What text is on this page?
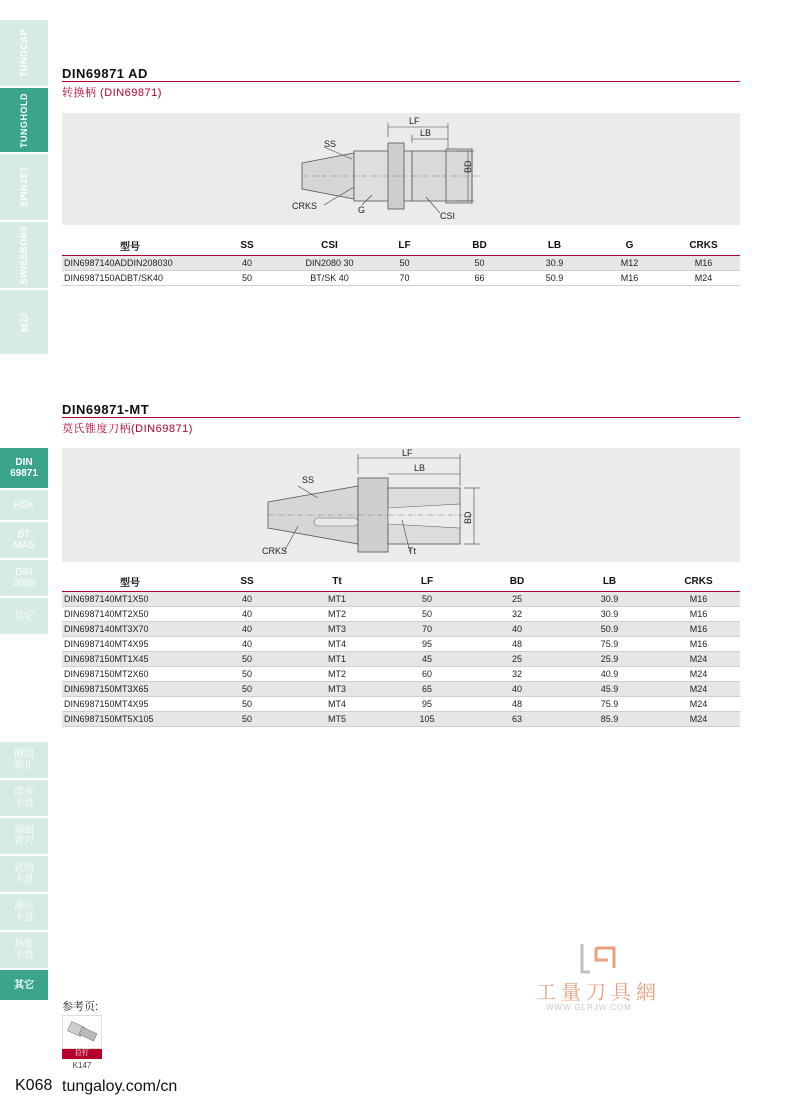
TUNGCAP
TUNGHOLD
SPINJET
SWISSBORE
其它
DIN
69871
HSK
BT
MAS
DIN
2080
其它
侧固
锁止
筒夹
卡盘
端面
铣刀
铣削
卡盘
液压
卡盘
热胀
卡盘
其它
DIN69871 AD
转换柄 (DIN69871)
LF
LB
SS
BD
CRKS	G
CSI
型号	SS	CSI	LF	BD	LB	G	CRKS
DIN6987140ADDIN208030	40	DIN2080 30	50	50	30.9	M12	M16
DIN6987150ADBT/SK40	50	BT/SK 40	70	66	50.9	M16	M24
DIN69871-MT
莫氏锥度刀柄(DIN69871)
LF
LB
SS
BD
CRKS	Tt
型号	SS	Tt	LF	BD	LB	CRKS
DIN6987140MT1X50	40	MT1	50	25	30.9	M16
DIN6987140MT2X50	40	MT2	50	32	30.9	M16
DIN6987140MT3X70	40	MT3	70	40	50.9	M16
DIN6987140MT4X95	40	MT4	95	48	75.9	M16
DIN6987150MT1X45	50	MT1	45	25	25.9	M24
DIN6987150MT2X60	50	MT2	60	32	40.9	M24
DIN6987150MT3X65	50	MT3	65	40	45.9	M24
DIN6987150MT4X95	50	MT4	95	48	75.9	M24
DIN6987150MT5X105	50	MT5	105	63	85.9	M24
参考页:
拉钉
K147
工量刀具網
WWW.GLRJW.COM
K068 tungaloy.com/cn
